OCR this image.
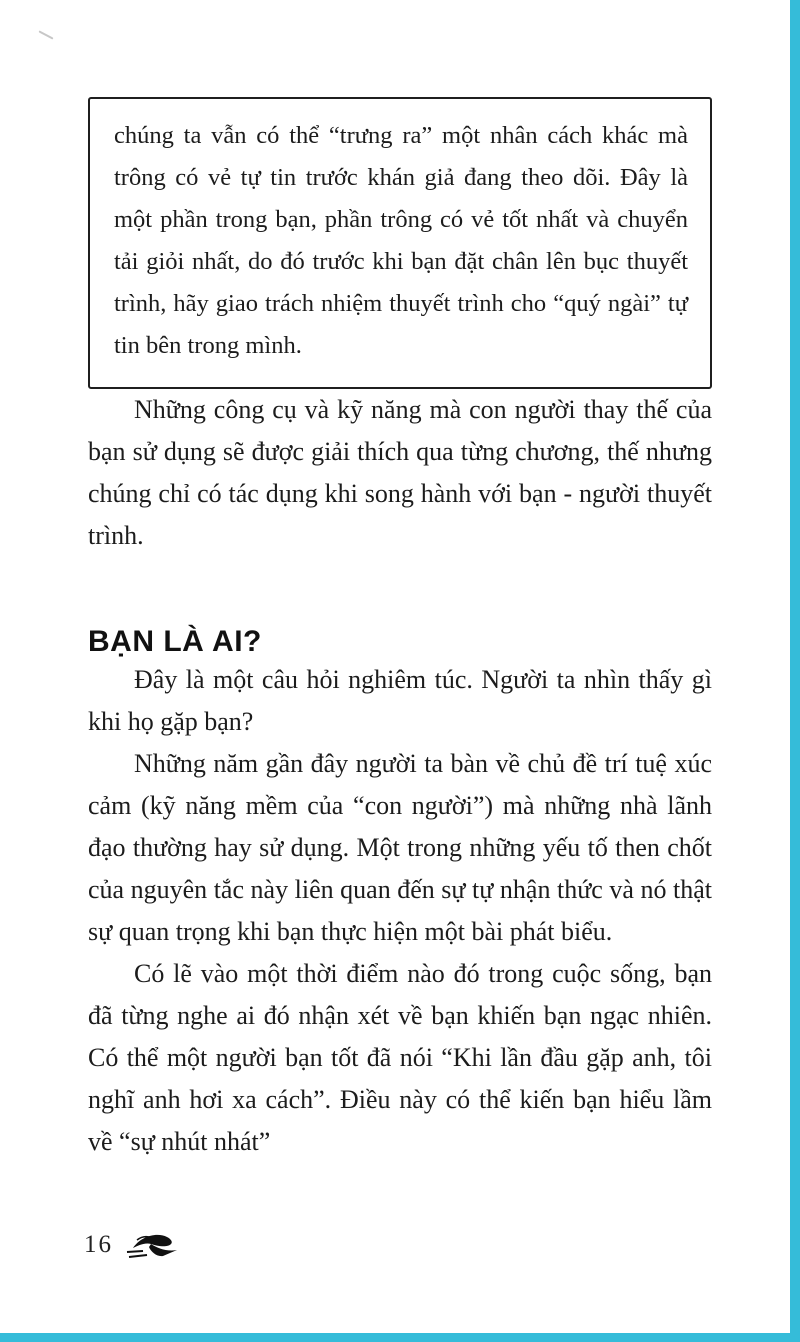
chúng ta vẫn có thể “trưng ra” một nhân cách khác mà trông có vẻ tự tin trước khán giả đang theo dõi. Đây là một phần trong bạn, phần trông có vẻ tốt nhất và chuyển tải giỏi nhất, do đó trước khi bạn đặt chân lên bục thuyết trình, hãy giao trách nhiệm thuyết trình cho “quý ngài” tự tin bên trong mình.

Những công cụ và kỹ năng mà con người thay thế của bạn sử dụng sẽ được giải thích qua từng chương, thế nhưng chúng chỉ có tác dụng khi song hành với bạn - người thuyết trình.

BẠN LÀ AI?

Đây là một câu hỏi nghiêm túc. Người ta nhìn thấy gì khi họ gặp bạn?

Những năm gần đây người ta bàn về chủ đề trí tuệ xúc cảm (kỹ năng mềm của “con người”) mà những nhà lãnh đạo thường hay sử dụng. Một trong những yếu tố then chốt của nguyên tắc này liên quan đến sự tự nhận thức và nó thật sự quan trọng khi bạn thực hiện một bài phát biểu.

Có lẽ vào một thời điểm nào đó trong cuộc sống, bạn đã từng nghe ai đó nhận xét về bạn khiến bạn ngạc nhiên. Có thể một người bạn tốt đã nói “Khi lần đầu gặp anh, tôi nghĩ anh hơi xa cách”. Điều này có thể kiến bạn hiểu lầm về “sự nhút nhát”

16
